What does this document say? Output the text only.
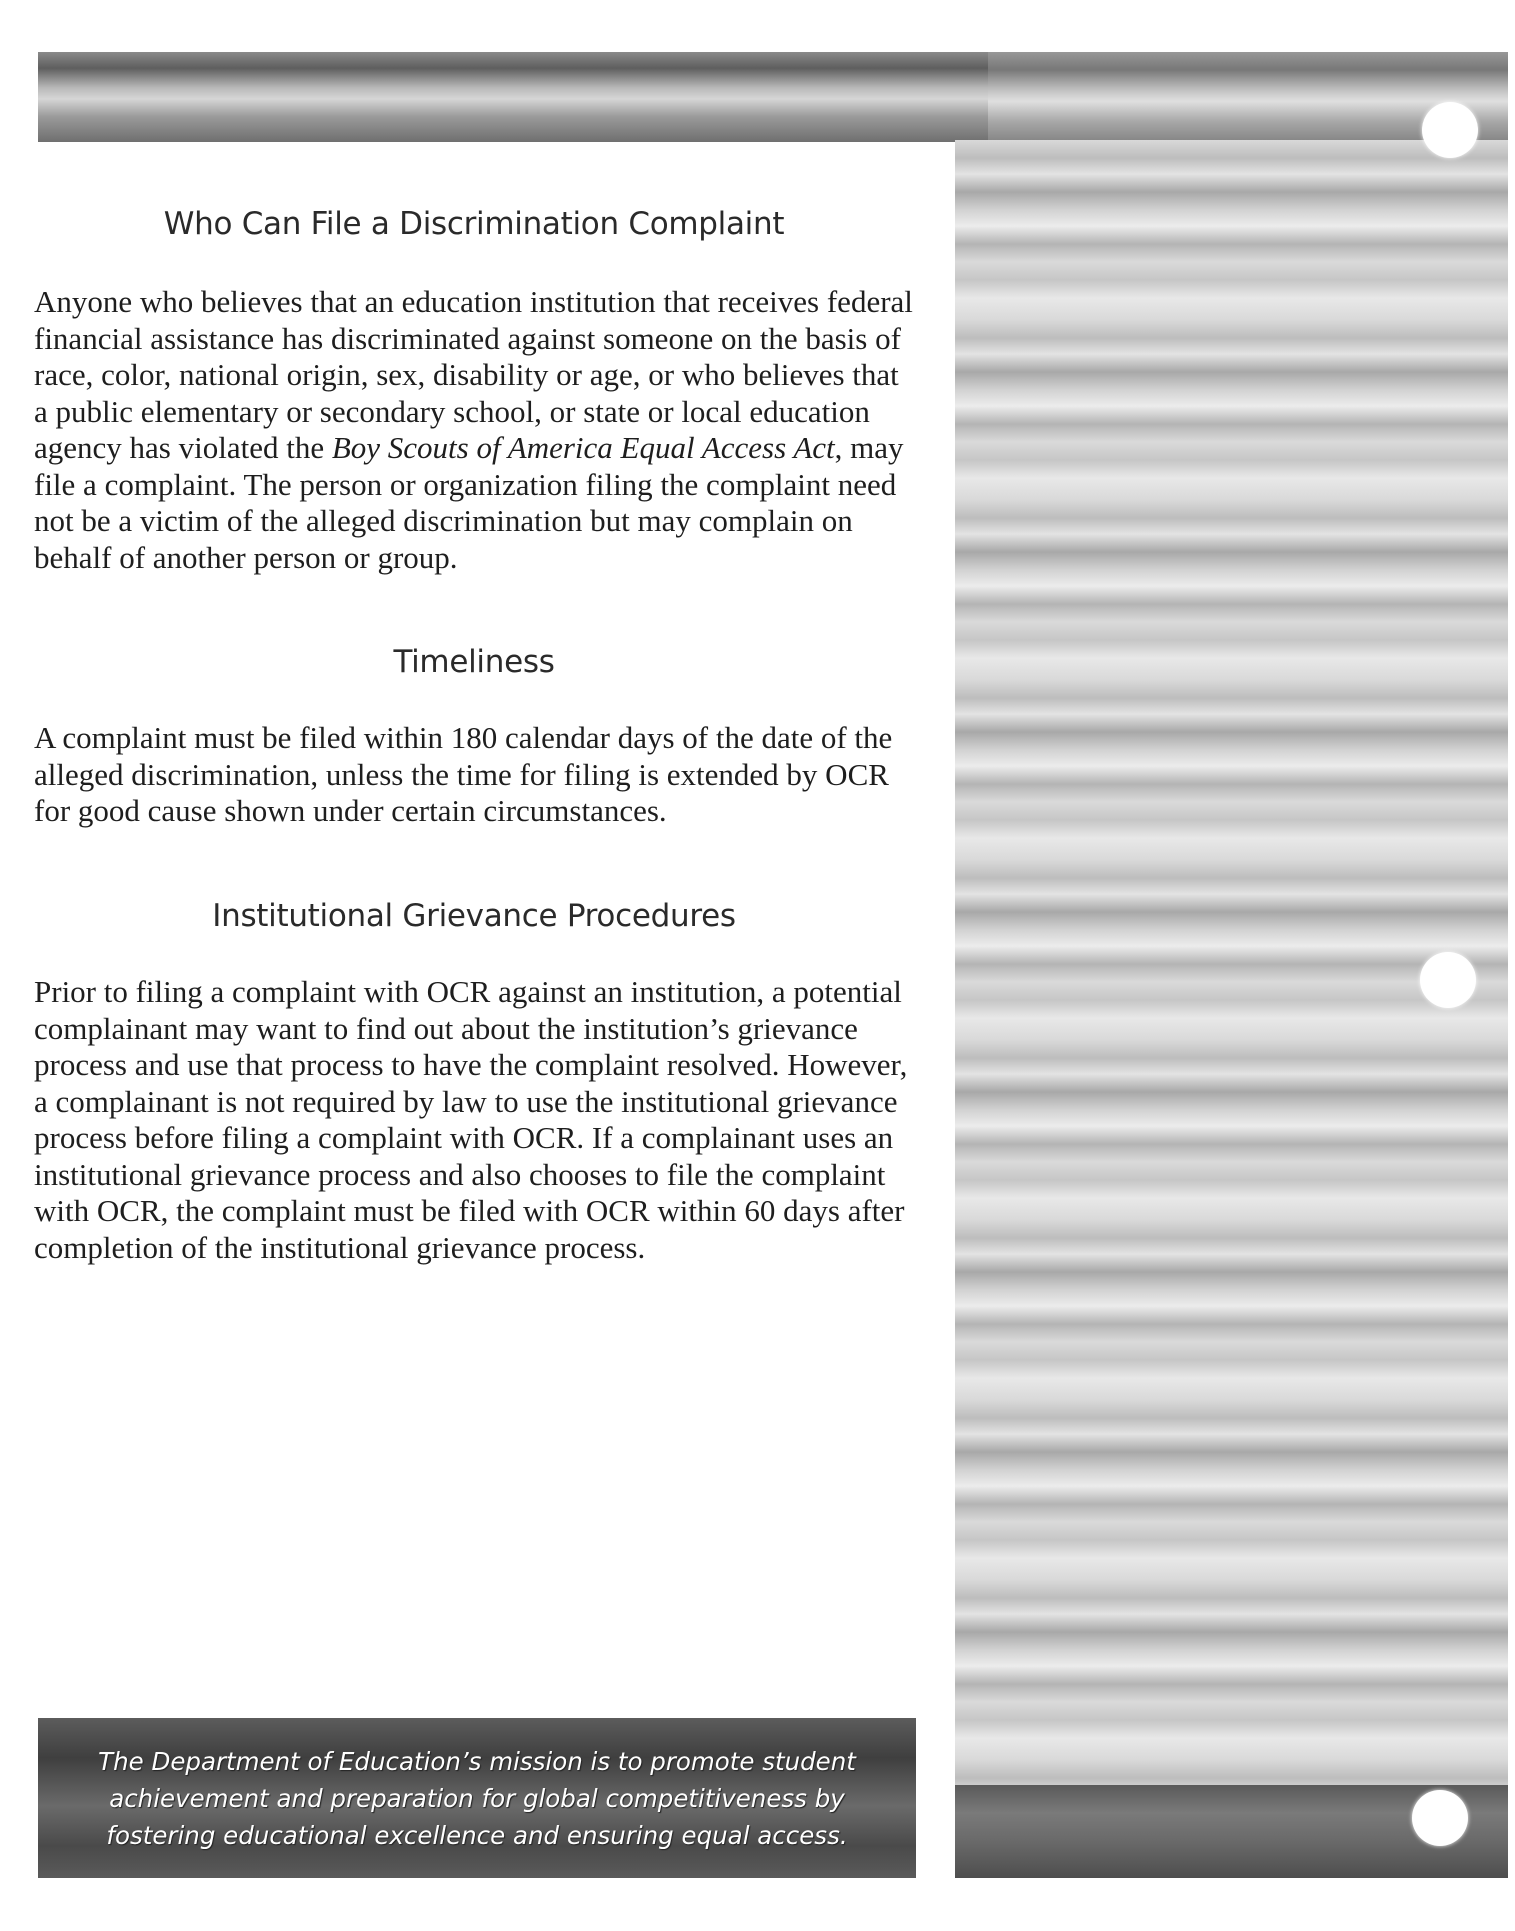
Who Can File a Discrimination Complaint

Anyone who believes that an education institution that receives federal financial assistance has discriminated against someone on the basis of race, color, national origin, sex, disability or age, or who believes that a public elementary or secondary school, or state or local education agency has violated the Boy Scouts of America Equal Access Act, may file a complaint. The person or organization filing the complaint need not be a victim of the alleged discrimination but may complain on behalf of another person or group.

Timeliness

A complaint must be filed within 180 calendar days of the date of the alleged discrimination, unless the time for filing is extended by OCR for good cause shown under certain circumstances.

Institutional Grievance Procedures

Prior to filing a complaint with OCR against an institution, a potential complainant may want to find out about the institution’s grievance process and use that process to have the complaint resolved. However, a complainant is not required by law to use the institutional grievance process before filing a complaint with OCR. If a complainant uses an institutional grievance process and also chooses to file the complaint with OCR, the complaint must be filed with OCR within 60 days after completion of the institutional grievance process.

The Department of Education’s mission is to promote student achievement and preparation for global competitiveness by fostering educational excellence and ensuring equal access.
